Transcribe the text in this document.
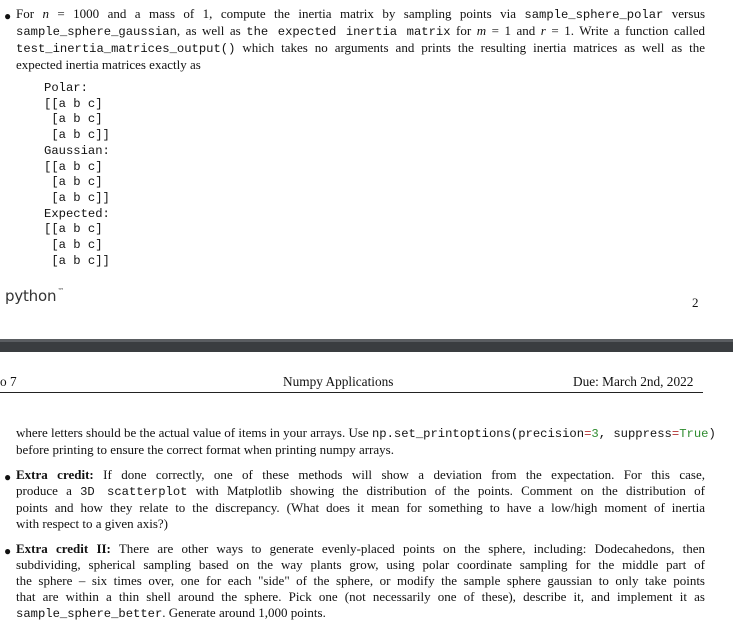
● For n = 1000 and a mass of 1, compute the inertia matrix by sampling points via sample_sphere_polar versus
sample_sphere_gaussian, as well as the expected inertia matrix for m = 1 and r = 1. Write a function called
test_inertia_matrices_output() which takes no arguments and prints the resulting inertia matrices as well as the
expected inertia matrices exactly as
Polar:
[[a b c]
[a b c]
[a b c]]
Gaussian:
[[a b c]
[a b c]
[a b c]]
Expected:
[[a b c]
[a b c]
[a b c]]
python™
2
o 7	Numpy Applications	Due: March 2nd, 2022
where letters should be the actual value of items in your arrays. Use np.set_printoptions(precision=3, suppress=True)
before printing to ensure the correct format when printing numpy arrays.
● Extra credit: If done correctly, one of these methods will show a deviation from the expectation. For this case,
produce a 3D scatterplot with Matplotlib showing the distribution of the points. Comment on the distribution of
points and how they relate to the discrepancy. (What does it mean for something to have a low/high moment of inertia
with respect to a given axis?)
● Extra credit II: There are other ways to generate evenly-placed points on the sphere, including: Dodecahedons, then
subdividing, spherical sampling based on the way plants grow, using polar coordinate sampling for the middle part of
the sphere – six times over, one for each "side" of the sphere, or modify the sample sphere gaussian to only take points
that are within a thin shell around the sphere. Pick one (not necessarily one of these), describe it, and implement it as
sample_sphere_better. Generate around 1,000 points.
